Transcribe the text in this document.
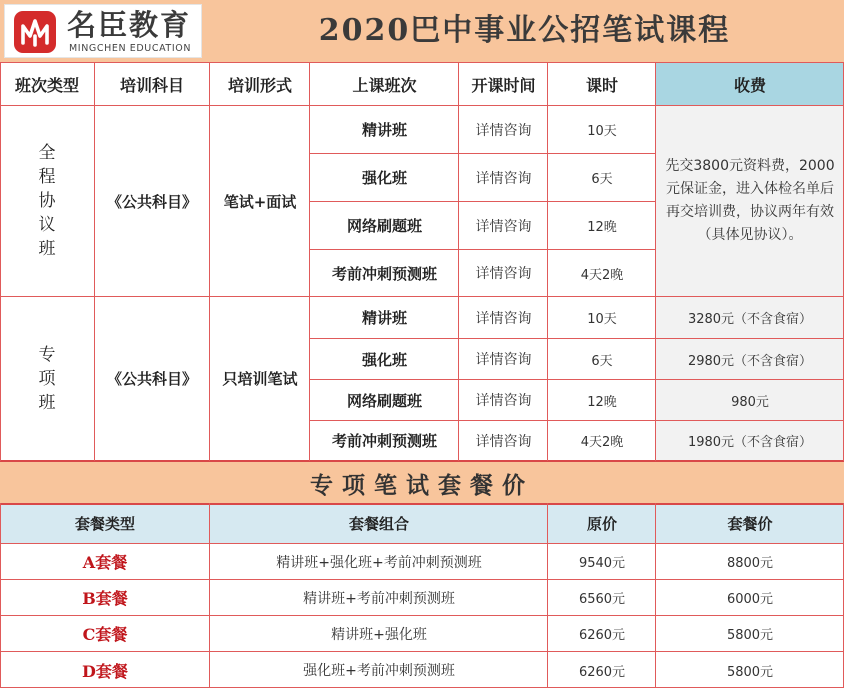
名臣教育
MINGCHEN EDUCATION
2020巴中事业公招笔试课程
班次类型	培训科目	培训形式	上课班次	开课时间	课时	收费
全程协议班
《公共科目》	笔试+面试
精讲班	详情咨询	10天
强化班	详情咨询	6天
网络刷题班	详情咨询	12晚
考前冲刺预测班	详情咨询	4天2晚
先交3800元资料费，2000元保证金，进入体检名单后再交培训费，协议两年有效（具体见协议）。
专项班
《公共科目》	只培训笔试
精讲班	详情咨询	10天	3280元（不含食宿）
强化班	详情咨询	6天	2980元（不含食宿）
网络刷题班	详情咨询	12晚	980元
考前冲刺预测班	详情咨询	4天2晚	1980元（不含食宿）
专项笔试套餐价
套餐类型	套餐组合	原价	套餐价
A套餐	精讲班+强化班+考前冲刺预测班	9540元	8800元
B套餐	精讲班+考前冲刺预测班	6560元	6000元
C套餐	精讲班+强化班	6260元	5800元
D套餐	强化班+考前冲刺预测班	6260元	5800元
